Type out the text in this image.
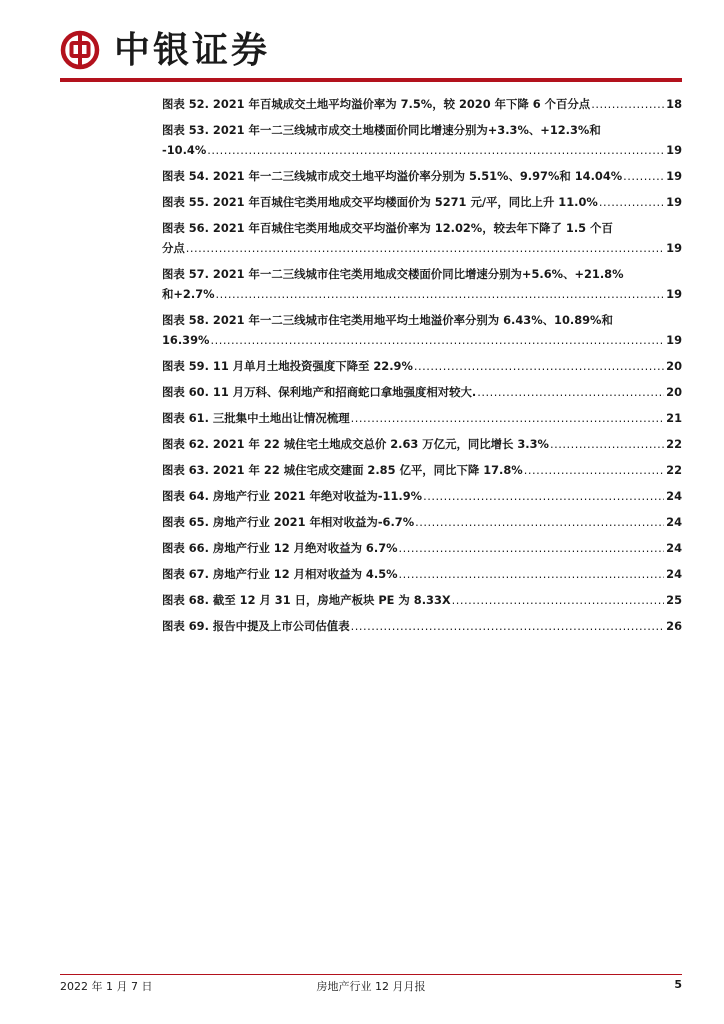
中银证券
图表 52. 2021 年百城成交土地平均溢价率为 7.5%，较 2020 年下降 6 个百分点 .....	18
图表 53. 2021 年一二三线城市成交土地楼面价同比增速分别为+3.3%、+12.3%和
-10.4% .....	19
图表 54. 2021 年一二三线城市成交土地平均溢价率分别为 5.51%、9.97%和 14.04% .....	19
图表 55. 2021 年百城住宅类用地成交平均楼面价为 5271 元/平，同比上升 11.0% .....	19
图表 56. 2021 年百城住宅类用地成交平均溢价率为 12.02%，较去年下降了 1.5 个百
分点 .....	19
图表 57. 2021 年一二三线城市住宅类用地成交楼面价同比增速分别为+5.6%、+21.8%
和+2.7% .....	19
图表 58. 2021 年一二三线城市住宅类用地平均土地溢价率分别为 6.43%、10.89%和
16.39% .....	19
图表 59. 11 月单月土地投资强度下降至 22.9% .....	20
图表 60. 11 月万科、保利地产和招商蛇口拿地强度相对较大. .....	20
图表 61. 三批集中土地出让情况梳理 .....	21
图表 62. 2021 年 22 城住宅土地成交总价 2.63 万亿元，同比增长 3.3% .....	22
图表 63. 2021 年 22 城住宅成交建面 2.85 亿平，同比下降 17.8% .....	22
图表 64. 房地产行业 2021 年绝对收益为-11.9% .....	24
图表 65. 房地产行业 2021 年相对收益为-6.7% .....	24
图表 66. 房地产行业 12 月绝对收益为 6.7% .....	24
图表 67. 房地产行业 12 月相对收益为 4.5% .....	24
图表 68. 截至 12 月 31 日，房地产板块 PE 为 8.33X .....	25
图表 69. 报告中提及上市公司估值表 .....	26
2022 年 1 月 7 日	房地产行业 12 月月报	5
